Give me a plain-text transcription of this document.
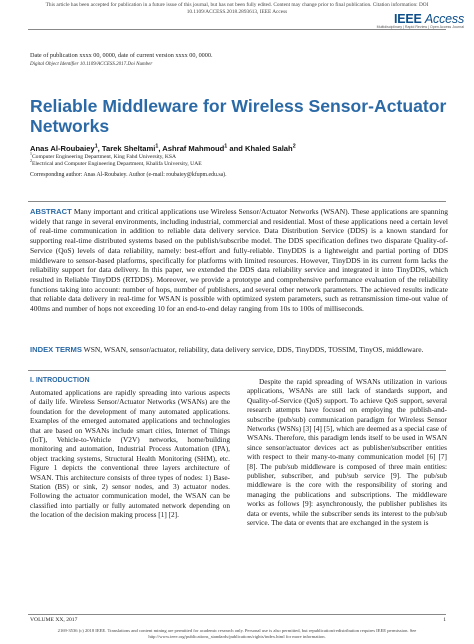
This article has been accepted for publication in a future issue of this journal, but has not been fully edited. Content may change prior to final publication. Citation information: DOI
10.1109/ACCESS.2018.2893613, IEEE Access	IEEE Access
Multidisciplinary | Rapid Review | Open Access Journal
Date of publication xxxx 00, 0000, date of current version xxxx 00, 0000.
Digital Object Identifier 10.1109/ACCESS.2017.Doi Number
Reliable Middleware for Wireless Sensor-Actuator Networks
Anas Al-Roubaiey$^1$, Tarek Sheltami$^1$, Ashraf Mahmoud$^1$ and Khaled Salah$^2$
$^1$Computer Engineering Department, King Fahd University, KSA
$^2$Electrical and Computer Engineering Department, Khalifa University, UAE
Corresponding author: Anas Al-Roubaiey. Author (e-mail: roubaiey@kfupm.edu.sa).
ABSTRACT Many important and critical applications use Wireless Sensor/Actuator Networks (WSAN). These applications are spanning widely that range in several environments, including industrial, commercial and residential. Most of these applications need a certain level of real-time communication in addition to reliable data delivery service. Data Distribution Service (DDS) is a known standard for supporting real-time distributed systems based on the publish/subscribe model. The DDS specification defines two disparate Quality-of-Service (QoS) levels of data reliability, namely: best-effort and fully-reliable. TinyDDS is a lightweight and partial porting of DDS middleware to sensor-based platforms, specifically for platforms with limited resources. However, TinyDDS in its current form lacks the reliability support for data delivery. In this paper, we extended the DDS data reliability service and integrated it into TinyDDS, which resulted in Reliable TinyDDS (RTDDS). Moreover, we provide a prototype and comprehensive performance evaluation of the reliability functions taking into account: number of hops, number of publishers, and several other network parameters. The achieved results indicate that reliable data delivery in real-time for WSAN is possible with optimized system parameters, such as retransmission time-out value of 400ms and number of hops not exceeding 10 for an end-to-end delay ranging from 10s to 100s of milliseconds.
INDEX TERMS WSN, WSAN, sensor/actuator, reliability, data delivery service, DDS, TinyDDS, TOSSIM, TinyOS, middleware.
I. INTRODUCTION
Automated applications are rapidly spreading into various aspects of daily life. Wireless Sensor/Actuator Networks (WSANs) are the foundation for the development of many automated applications. Examples of the emerged automated applications and technologies that are based on WSANs include smart cities, Internet of Things (IoT), Vehicle-to-Vehicle (V2V) networks, home/building monitoring and automation, Industrial Process Automation (IPA), object tracking systems, Structural Health Monitoring (SHM), etc. Figure 1 depicts the conventional three layers architecture of WSAN. This architecture consists of three types of nodes: 1) Base-Station (BS) or sink, 2) sensor nodes, and 3) actuator nodes. Following the actuator communication model, the WSAN can be classified into partially or fully automated network depending on the location of the decision making process [1] [2].
Despite the rapid spreading of WSANs utilization in various applications, WSANs are still lack of standards support, and Quality-of-Service (QoS) support. To achieve QoS support, several research attempts have focused on employing the publish-and-subscribe (pub/sub) communication paradigm for Wireless Sensor Networks (WSNs) [3] [4] [5], which are deemed as a special case of WSANs. Therefore, this paradigm lends itself to be used in WSAN since sensor/actuator devices act as publisher/subscriber entities with respect to their many-to-many communication model [6] [7] [8]. The pub/sub middleware is composed of three main entities: publisher, subscriber, and pub/sub service [9]. The pub/sub middleware is the core with the responsibility of storing and managing the publications and subscriptions. The middleware works as follows [9]: asynchronously, the publisher publishes its data or events, while the subscriber sends its interest to the pub/sub service. The data or events that are exchanged in the system is
VOLUME XX, 2017	1
2169-3536 (c) 2018 IEEE. Translations and content mining are permitted for academic research only. Personal use is also permitted, but republication/redistribution requires IEEE permission. See
http://www.ieee.org/publications_standards/publications/rights/index.html for more information.
